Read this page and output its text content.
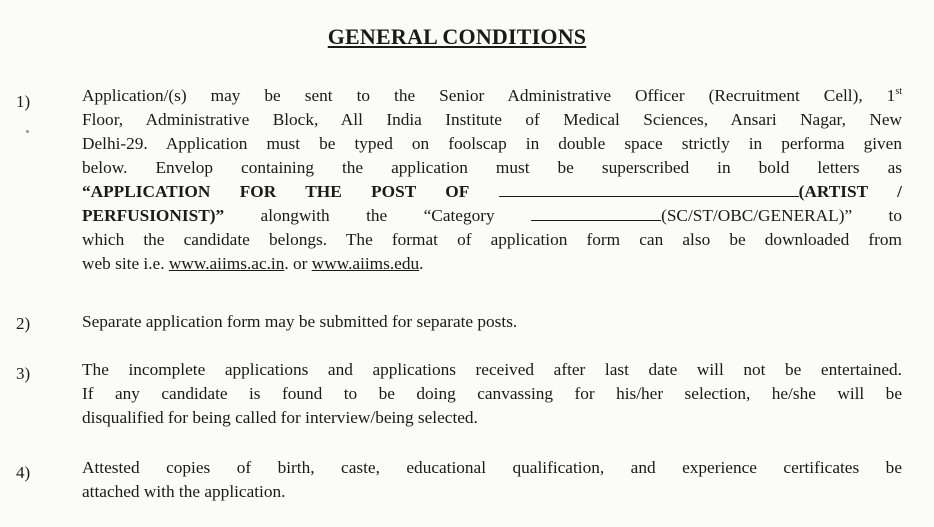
GENERAL CONDITIONS
1)	Application/(s) may be sent to the Senior Administrative Officer (Recruitment Cell), 1st
Floor, Administrative Block, All India Institute of Medical Sciences, Ansari Nagar, New
Delhi-29. Application must be typed on foolscap in double space strictly in performa given
below. Envelop containing the application must be superscribed in bold letters as
“APPLICATION FOR THE POST OF	(ARTIST /
PERFUSIONIST)” alongwith the “Category	(SC/ST/OBC/GENERAL)” to
which the candidate belongs. The format of application form can also be downloaded from
web site i.e. www.aiims.ac.in. or www.aiims.edu.
2)	Separate application form may be submitted for separate posts.
3)	The incomplete applications and applications received after last date will not be entertained.
If any candidate is found to be doing canvassing for his/her selection, he/she will be
disqualified for being called for interview/being selected.
4)	Attested copies of birth, caste, educational qualification, and experience certificates be
attached with the application.
